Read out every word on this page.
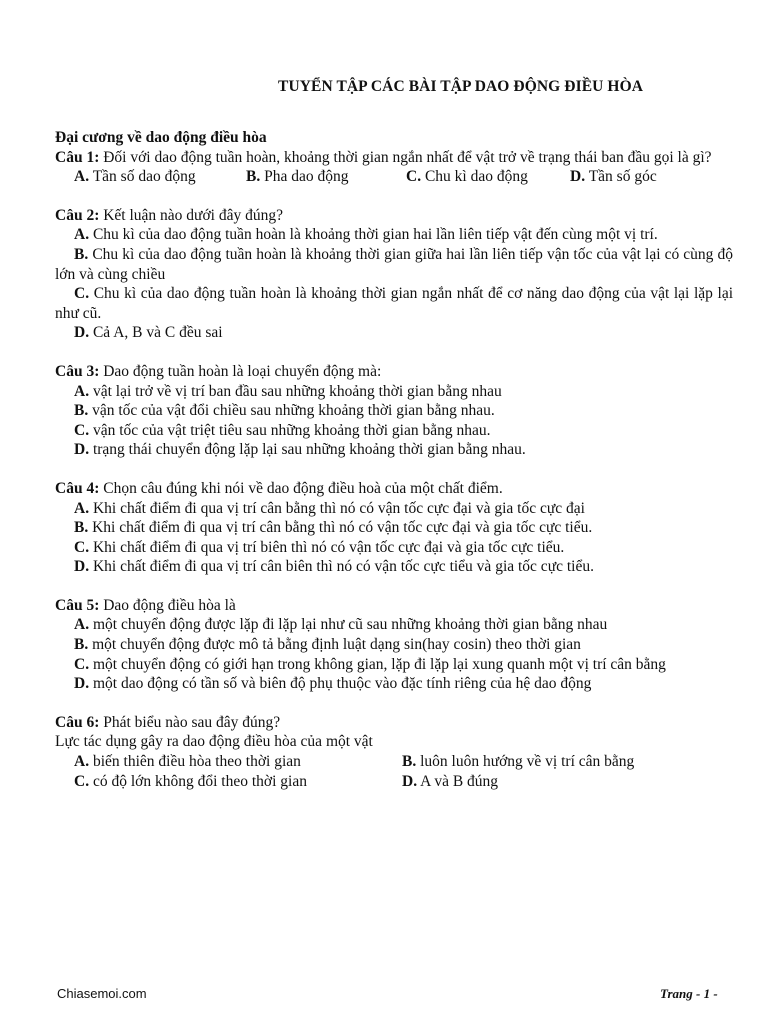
TUYỂN TẬP CÁC BÀI TẬP DAO ĐỘNG ĐIỀU HÒA
Đại cương về dao động điều hòa
Câu 1: Đối với dao động tuần hoàn, khoảng thời gian ngắn nhất để vật trở về trạng thái ban đầu gọi là gì?
A. Tần số dao động	B. Pha dao động	C. Chu kì dao động	D. Tần số góc
Câu 2: Kết luận nào dưới đây đúng?
A. Chu kì của dao động tuần hoàn là khoảng thời gian hai lần liên tiếp vật đến cùng một vị trí.
B. Chu kì của dao động tuần hoàn là khoảng thời gian giữa hai lần liên tiếp vận tốc của vật lại có cùng độ lớn và cùng chiều
C. Chu kì của dao động tuần hoàn là khoảng thời gian ngắn nhất để cơ năng dao động của vật lại lặp lại như cũ.
D. Cả A, B và C đều sai
Câu 3: Dao động tuần hoàn là loại chuyển động mà:
A. vật lại trở về vị trí ban đầu sau những khoảng thời gian bằng nhau
B. vận tốc của vật đổi chiều sau những khoảng thời gian bằng nhau.
C. vận tốc của vật triệt tiêu sau những khoảng thời gian bằng nhau.
D. trạng thái chuyển động lặp lại sau những khoảng thời gian bằng nhau.
Câu 4: Chọn câu đúng khi nói về dao động điều hoà của một chất điểm.
A. Khi chất điểm đi qua vị trí cân bằng thì nó có vận tốc cực đại và gia tốc cực đại
B. Khi chất điểm đi qua vị trí cân bằng thì nó có vận tốc cực đại và gia tốc cực tiểu.
C. Khi chất điểm đi qua vị trí biên thì nó có vận tốc cực đại và gia tốc cực tiểu.
D. Khi chất điểm đi qua vị trí cân biên thì nó có vận tốc cực tiểu và gia tốc cực tiểu.
Câu 5: Dao động điều hòa là
A. một chuyển động được lặp đi lặp lại như cũ sau những khoảng thời gian bằng nhau
B. một chuyển động được mô tả bằng định luật dạng sin(hay cosin) theo thời gian
C. một chuyển động có giới hạn trong không gian, lặp đi lặp lại xung quanh một vị trí cân bằng
D. một dao động có tần số và biên độ phụ thuộc vào đặc tính riêng của hệ dao động
Câu 6: Phát biểu nào sau đây đúng?
Lực tác dụng gây ra dao động điều hòa của một vật
A. biến thiên điều hòa theo thời gian	B. luôn luôn hướng về vị trí cân bằng
C. có độ lớn không đổi theo thời gian	D. A và B đúng
Chiasemoi.com	Trang - 1 -
